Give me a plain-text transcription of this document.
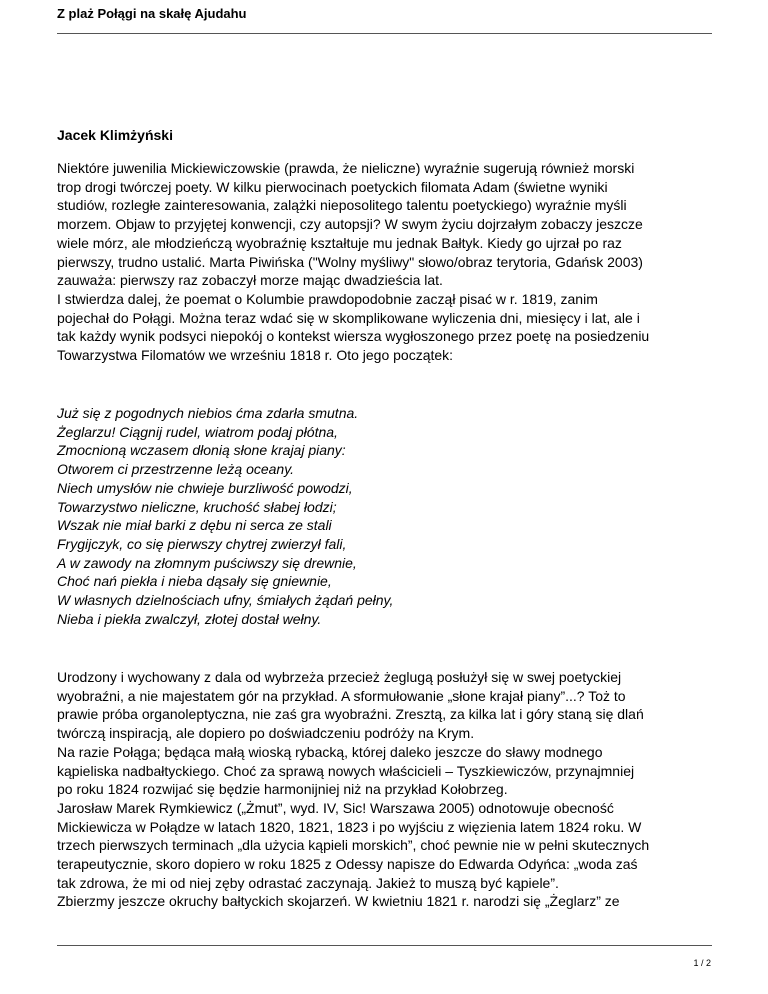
Z plaż Połągi na skałę Ajudahu
Jacek Klimżyński
Niektóre juwenilia Mickiewiczowskie (prawda, że nieliczne) wyraźnie sugerują również morski
trop drogi twórczej poety. W kilku pierwocinach poetyckich filomata Adam (świetne wyniki
studiów, rozległe zainteresowania, zalążki nieposolitego talentu poetyckiego) wyraźnie myśli
morzem. Objaw to przyjętej konwencji, czy autopsji? W swym życiu dojrzałym zobaczy jeszcze
wiele mórz, ale młodzieńczą wyobraźnię kształtuje mu jednak Bałtyk. Kiedy go ujrzał po raz
pierwszy, trudno ustalić. Marta Piwińska ("Wolny myśliwy" słowo/obraz terytoria, Gdańsk 2003)
zauważa: pierwszy raz zobaczył morze mając dwadzieścia lat.
I stwierdza dalej, że poemat o Kolumbie prawdopodobnie zaczął pisać w r. 1819, zanim
pojechał do Połągi. Można teraz wdać się w skomplikowane wyliczenia dni, miesięcy i lat, ale i
tak każdy wynik podsyci niepokój o kontekst wiersza wygłoszonego przez poetę na posiedzeniu
Towarzystwa Filomatów we wrześniu 1818 r. Oto jego początek:
Już się z pogodnych niebios ćma zdarła smutna.
Żeglarzu! Ciągnij rudel, wiatrom podaj płótna,
Zmocnioną wczasem dłonią słone krajaj piany:
Otworem ci przestrzenne leżą oceany.
Niech umysłów nie chwieje burzliwość powodzi,
Towarzystwo nieliczne, kruchość słabej łodzi;
Wszak nie miał barki z dębu ni serca ze stali
Frygijczyk, co się pierwszy chytrej zwierzył fali,
A w zawody na złomnym puściwszy się drewnie,
Choć nań piekła i nieba dąsały się gniewnie,
W własnych dzielnościach ufny, śmiałych żądań pełny,
Nieba i piekła zwalczył, złotej dostał wełny.
Urodzony i wychowany z dala od wybrzeża przecież żeglugą posłużył się w swej poetyckiej
wyobraźni, a nie majestatem gór na przykład. A sformułowanie „słone krajał piany”...? Toż to
prawie próba organoleptyczna, nie zaś gra wyobraźni. Zresztą, za kilka lat i góry staną się dlań
twórczą inspiracją, ale dopiero po doświadczeniu podróży na Krym.
Na razie Połąga; będąca małą wioską rybacką, której daleko jeszcze do sławy modnego
kąpieliska nadbałtyckiego. Choć za sprawą nowych właścicieli – Tyszkiewiczów, przynajmniej
po roku 1824 rozwijać się będzie harmonijniej niż na przykład Kołobrzeg.
Jarosław Marek Rymkiewicz („Żmut”, wyd. IV, Sic! Warszawa 2005) odnotowuje obecność
Mickiewicza w Połądze w latach 1820, 1821, 1823 i po wyjściu z więzienia latem 1824 roku. W
trzech pierwszych terminach „dla użycia kąpieli morskich”, choć pewnie nie w pełni skutecznych
terapeutycznie, skoro dopiero w roku 1825 z Odessy napisze do Edwarda Odyńca: „woda zaś
tak zdrowa, że mi od niej zęby odrastać zaczynają. Jakież to muszą być kąpiele”.
Zbierzmy jeszcze okruchy bałtyckich skojarzeń. W kwietniu 1821 r. narodzi się „Żeglarz” ze
1 / 2
